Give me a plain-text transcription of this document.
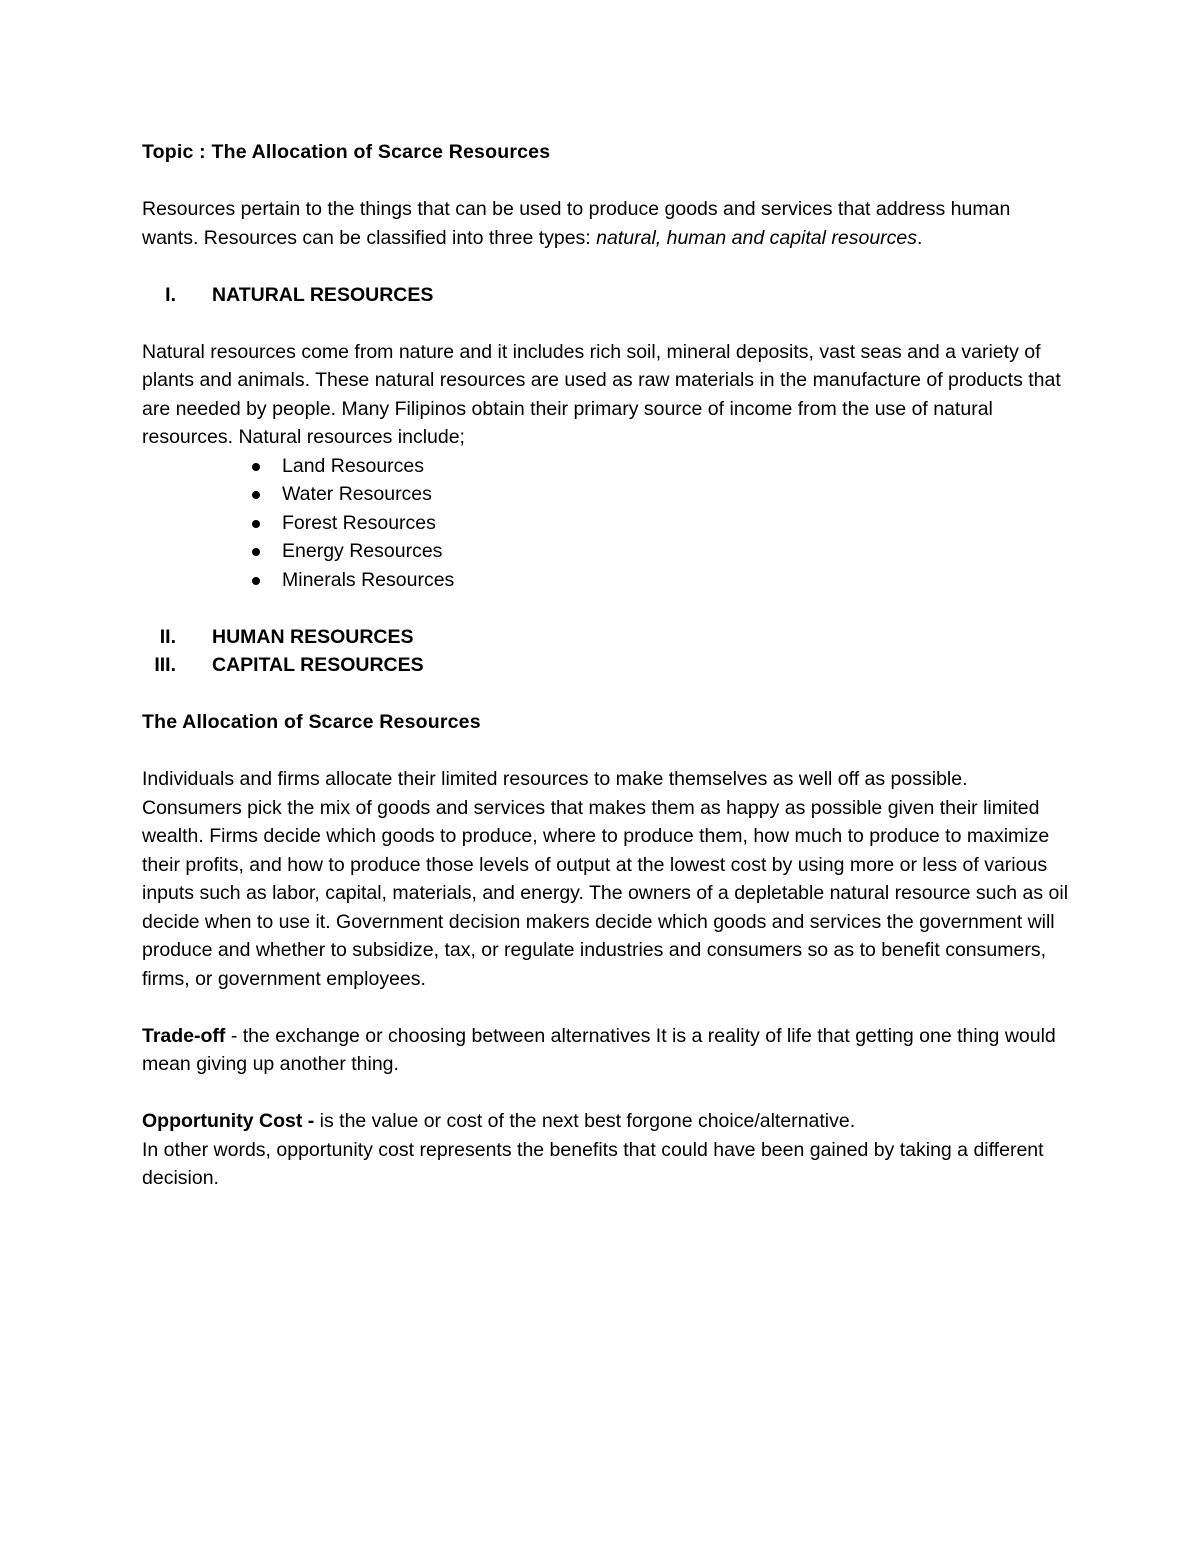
Topic : The Allocation of Scarce Resources

Resources pertain to the things that can be used to produce goods and services that address human wants. Resources can be classified into three types: natural, human and capital resources.

I. NATURAL RESOURCES

Natural resources come from nature and it includes rich soil, mineral deposits, vast seas and a variety of plants and animals. These natural resources are used as raw materials in the manufacture of products that are needed by people. Many Filipinos obtain their primary source of income from the use of natural resources. Natural resources include;

Land Resources
Water Resources
Forest Resources
Energy Resources
Minerals Resources
II. HUMAN RESOURCES
III. CAPITAL RESOURCES

The Allocation of Scarce Resources

Individuals and firms allocate their limited resources to make themselves as well off as possible. Consumers pick the mix of goods and services that makes them as happy as possible given their limited wealth. Firms decide which goods to produce, where to produce them, how much to produce to maximize their profits, and how to produce those levels of output at the lowest cost by using more or less of various inputs such as labor, capital, materials, and energy. The owners of a depletable natural resource such as oil decide when to use it. Government decision makers decide which goods and services the government will produce and whether to subsidize, tax, or regulate industries and consumers so as to benefit consumers, firms, or government employees.

Trade-off - the exchange or choosing between alternatives It is a reality of life that getting one thing would mean giving up another thing.

Opportunity Cost - is the value or cost of the next best forgone choice/alternative.

In other words, opportunity cost represents the benefits that could have been gained by taking a different decision.
